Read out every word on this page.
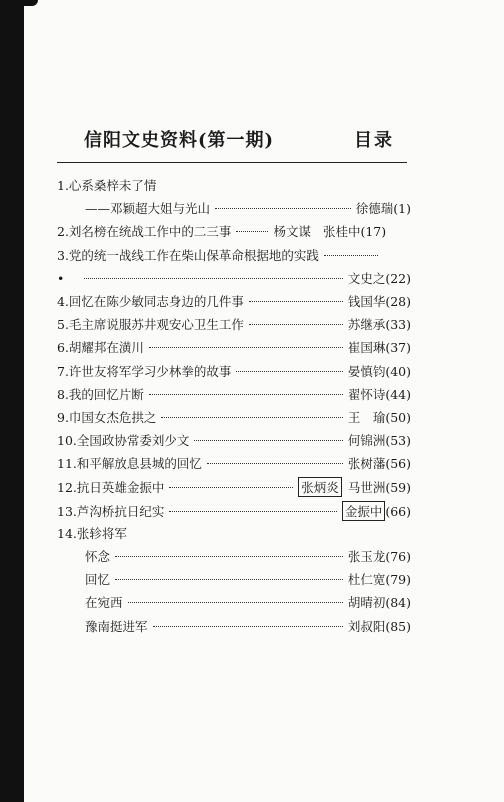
信阳文史资料(第一期)	目录
1.心系桑梓未了情
——邓颖超大姐与光山	徐德瑞 (1)
2.刘名榜在统战工作中的二三事	杨文谋 张桂中 (17)
3.党的统一战线工作在柴山保革命根据地的实践
•	文史之 (22)
4.回忆在陈少敏同志身边的几件事	钱国华 (28)
5.毛主席说服苏井观安心卫生工作	苏继承 (33)
6.胡耀邦在潢川	崔国琳 (37)
7.许世友将军学习少林拳的故事	晏慎钧 (40)
8.我的回忆片断	翟怀诗 (44)
9.巾国女杰危拱之	王　瑜 (50)
10.全国政协常委刘少文	何锦洲 (53)
11.和平解放息县城的回忆	张树藩 (56)
12.抗日英雄金振中	张炳炎 马世洲 (59)
13.芦沟桥抗日纪实	金振中 (66)
14.张轸将军
怀念	张玉龙 (76)
回忆	杜仁宽 (79)
在宛西	胡晴初 (84)
豫南挺进军	刘叔阳 (85)
